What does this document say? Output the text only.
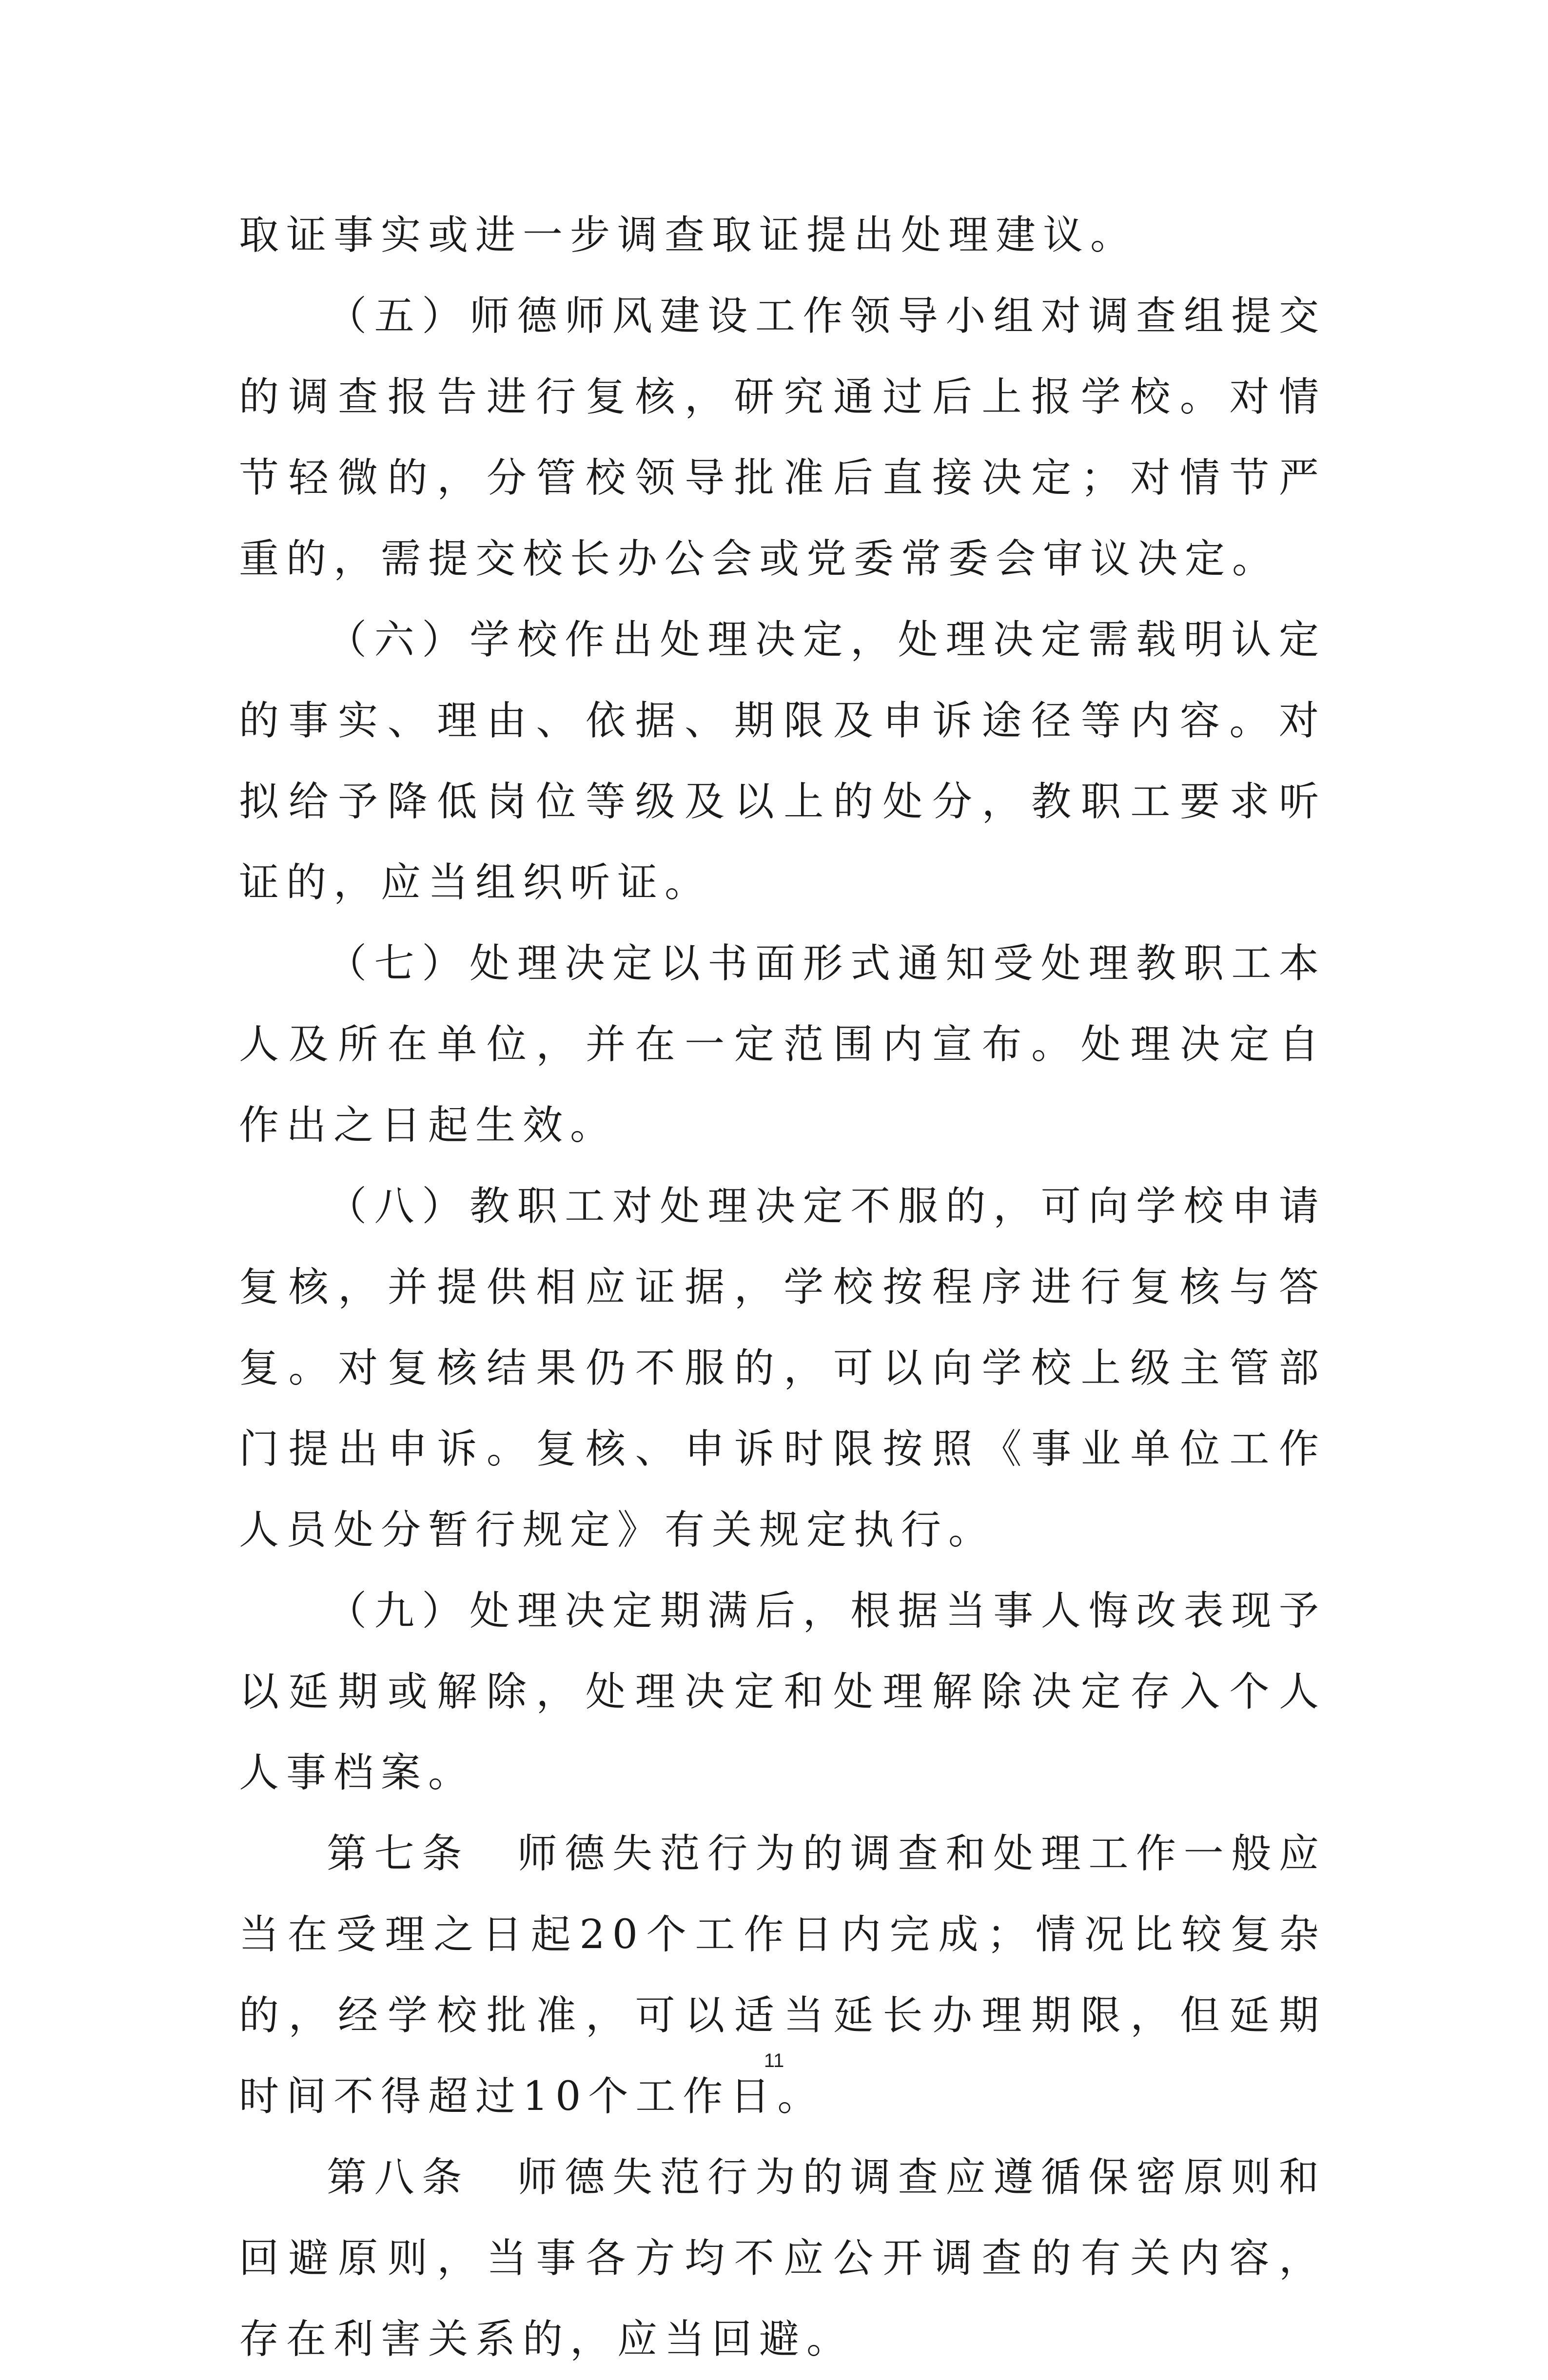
取证事实或进一步调查取证提出处理建议。

（五）师德师风建设工作领导小组对调查组提交的调查报告进行复核，研究通过后上报学校。对情节轻微的，分管校领导批准后直接决定；对情节严重的，需提交校长办公会或党委常委会审议决定。

（六）学校作出处理决定，处理决定需载明认定的事实、理由、依据、期限及申诉途径等内容。对拟给予降低岗位等级及以上的处分，教职工要求听证的，应当组织听证。

（七）处理决定以书面形式通知受处理教职工本人及所在单位，并在一定范围内宣布。处理决定自作出之日起生效。

（八）教职工对处理决定不服的，可向学校申请复核，并提供相应证据，学校按程序进行复核与答复。对复核结果仍不服的，可以向学校上级主管部门提出申诉。复核、申诉时限按照《事业单位工作人员处分暂行规定》有关规定执行。

（九）处理决定期满后，根据当事人悔改表现予以延期或解除，处理决定和处理解除决定存入个人人事档案。

第七条　师德失范行为的调查和处理工作一般应当在受理之日起20个工作日内完成；情况比较复杂的，经学校批准，可以适当延长办理期限，但延期时间不得超过10个工作日。

第八条　师德失范行为的调查应遵循保密原则和回避原则，当事各方均不应公开调查的有关内容，存在利害关系的，应当回避。

11
